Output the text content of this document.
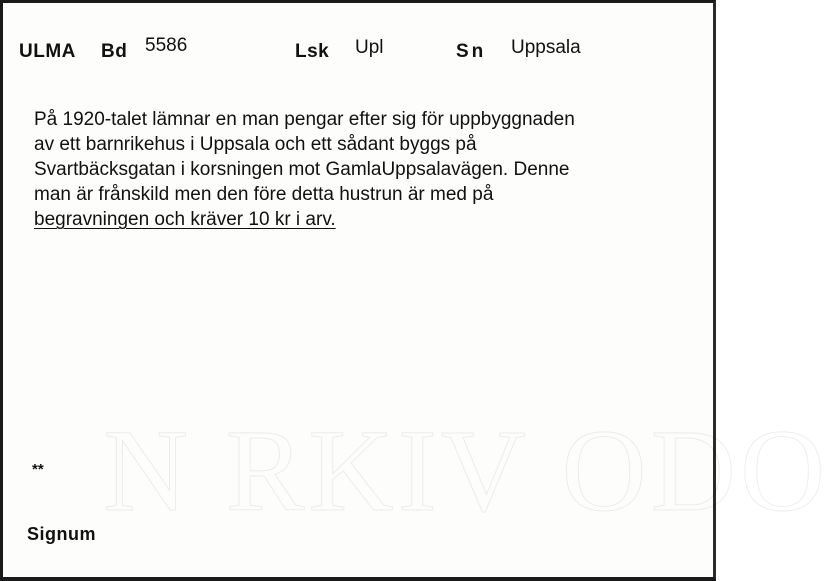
N RKIV ODO
ULMA Bd 5586	Lsk Upl	Sn Uppsala
På 1920-talet lämnar en man pengar efter sig för uppbyggnaden
av ett barnrikehus i Uppsala och ett sådant byggs på
Svartbäcksgatan i korsningen mot GamlaUppsalavägen. Denne
man är frånskild men den före detta hustrun är med på
begravningen och kräver 10 kr i arv.
**
Signum
